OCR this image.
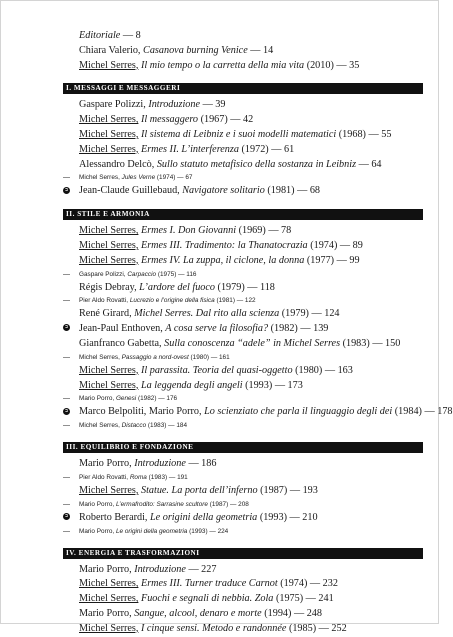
Editoriale — 8
Chiara Valerio, Casanova burning Venice — 14
Michel Serres, Il mio tempo o la carretta della mia vita (2010) — 35
I. MESSAGGI E MESSAGGERI
Gaspare Polizzi, Introduzione — 39
Michel Serres, Il messaggero (1967) — 42
Michel Serres, Il sistema di Leibniz e i suoi modelli matematici (1968) — 55
Michel Serres, Ermes II. L’interferenza (1972) — 61
Alessandro Delcò, Sullo statuto metafisico della sostanza in Leibniz — 64
—	Michel Serres, Jules Verne (1974) — 67
➲	Jean-Claude Guillebaud, Navigatore solitario (1981) — 68
II. STILE E ARMONIA
Michel Serres, Ermes I. Don Giovanni (1969) — 78
Michel Serres, Ermes III. Tradimento: la Thanatocrazia (1974) — 89
Michel Serres, Ermes IV. La zuppa, il ciclone, la donna (1977) — 99
—	Gaspare Polizzi, Carpaccio (1975) — 116
Régis Debray, L’ardore del fuoco (1979) — 118
—	Pier Aldo Rovatti, Lucrezio e l’origine della fisica (1981) — 122
René Girard, Michel Serres. Dal rito alla scienza (1979) — 124
➲	Jean-Paul Enthoven, A cosa serve la filosofia? (1982) — 139
Gianfranco Gabetta, Sulla conoscenza “adele” in Michel Serres (1983) — 150
—	Michel Serres, Passaggio a nord-ovest (1980) — 161
Michel Serres, Il parassita. Teoria del quasi-oggetto (1980) — 163
Michel Serres, La leggenda degli angeli (1993) — 173
—	Mario Porro, Genesi (1982) — 176
➲	Marco Belpoliti, Mario Porro, Lo scienziato che parla il linguaggio degli dei (1984) — 178
—	Michel Serres, Distacco (1983) — 184
III. EQUILIBRIO E FONDAZIONE
Mario Porro, Introduzione — 186
—	Pier Aldo Rovatti, Roma (1983) — 191
Michel Serres, Statue. La porta dell’inferno (1987) — 193
—	Mario Porro, L’ermafrodito: Sarrasine scultore (1987) — 208
➲	Roberto Berardi, Le origini della geometria (1993) — 210
—	Mario Porro, Le origini della geometria (1993) — 224
IV. ENERGIA E TRASFORMAZIONI
Mario Porro, Introduzione — 227
Michel Serres, Ermes III. Turner traduce Carnot (1974) — 232
Michel Serres, Fuochi e segnali di nebbia. Zola (1975) — 241
Mario Porro, Sangue, alcool, denaro e morte (1994) — 248
Michel Serres, I cinque sensi. Metodo e randonnée (1985) — 252
